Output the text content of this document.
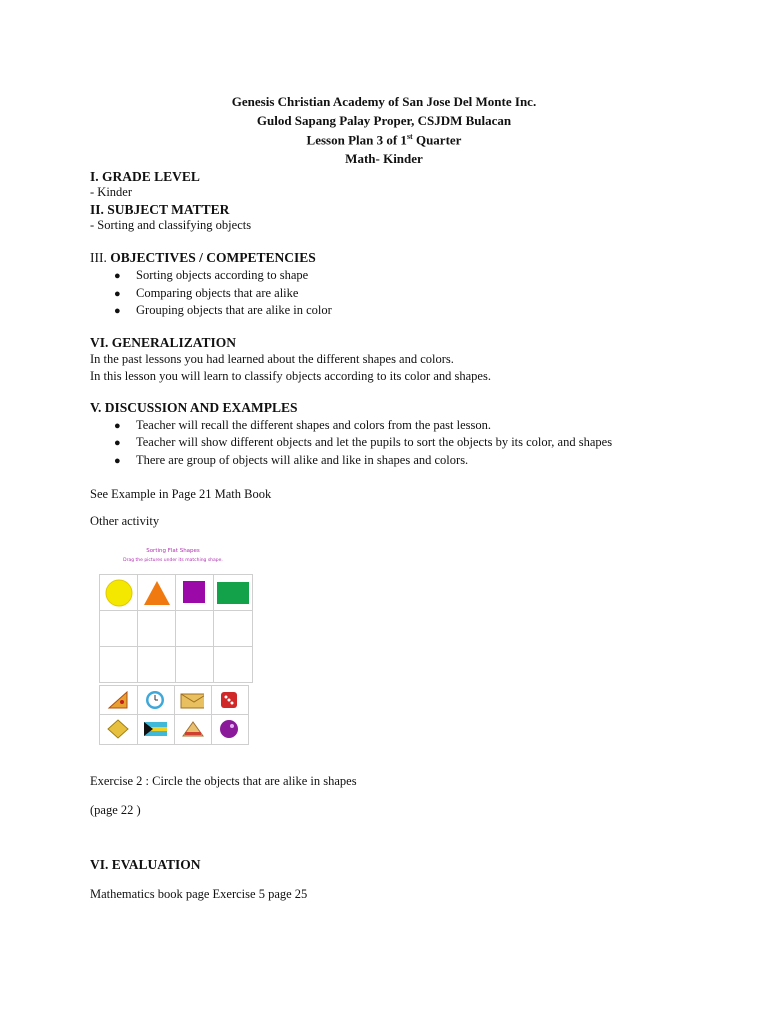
Genesis Christian Academy of San Jose Del Monte Inc.
Gulod Sapang Palay Proper, CSJDM Bulacan
Lesson Plan 3 of 1st Quarter
Math- Kinder
I. GRADE LEVEL
- Kinder
II. SUBJECT MATTER
- Sorting and classifying objects
III. OBJECTIVES / COMPETENCIES
● Sorting objects according to shape
● Comparing objects that are alike
● Grouping objects that are alike in color
VI. GENERALIZATION
In the past lessons you had learned about the different shapes and colors.
In this lesson you will learn to classify objects according to its color and shapes.
V. DISCUSSION AND EXAMPLES
● Teacher will recall the different shapes and colors from the past lesson.
● Teacher will show different objects and let the pupils to sort the objects by its color, and shapes
● There are group of objects will alike and like in shapes and colors.
See Example in Page 21 Math Book
Other activity
Sorting Flat Shapes
Drag the pictures under its matching shape.
Exercise 2 : Circle the objects that are alike in shapes
(page 22 )
VI. EVALUATION
Mathematics book page Exercise 5 page 25
